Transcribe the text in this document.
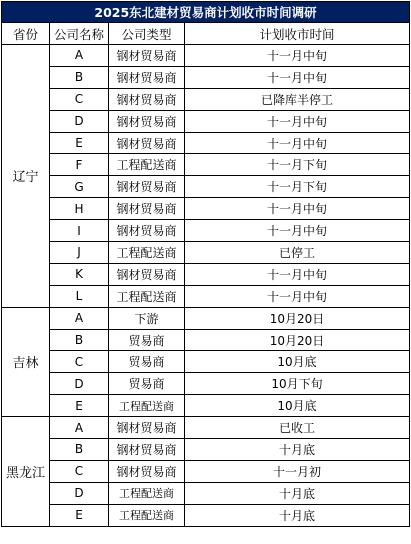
2025东北建材贸易商计划收市时间调研			
省份	公司名称	公司类型	计划收市时间
辽宁	A	钢材贸易商	十一月中旬
	B	钢材贸易商	十一月中旬
	C	钢材贸易商	已降库半停工
	D	钢材贸易商	十一月中旬
	E	钢材贸易商	十一月中旬
	F	工程配送商	十一月下旬
	G	钢材贸易商	十一月下旬
	H	钢材贸易商	十一月中旬
	I	钢材贸易商	十一月中旬
	J	工程配送商	已停工
	K	钢材贸易商	十一月中旬
	L	工程配送商	十一月中旬
吉林	A	下游	10月20日
	B	贸易商	10月20日
	C	贸易商	10月底
	D	贸易商	10月下旬
	E	工程配送商	10月底
黑龙江	A	钢材贸易商	已收工
	B	钢材贸易商	十月底
	C	钢材贸易商	十一月初
	D	工程配送商	十月底
	E	工程配送商	十月底
